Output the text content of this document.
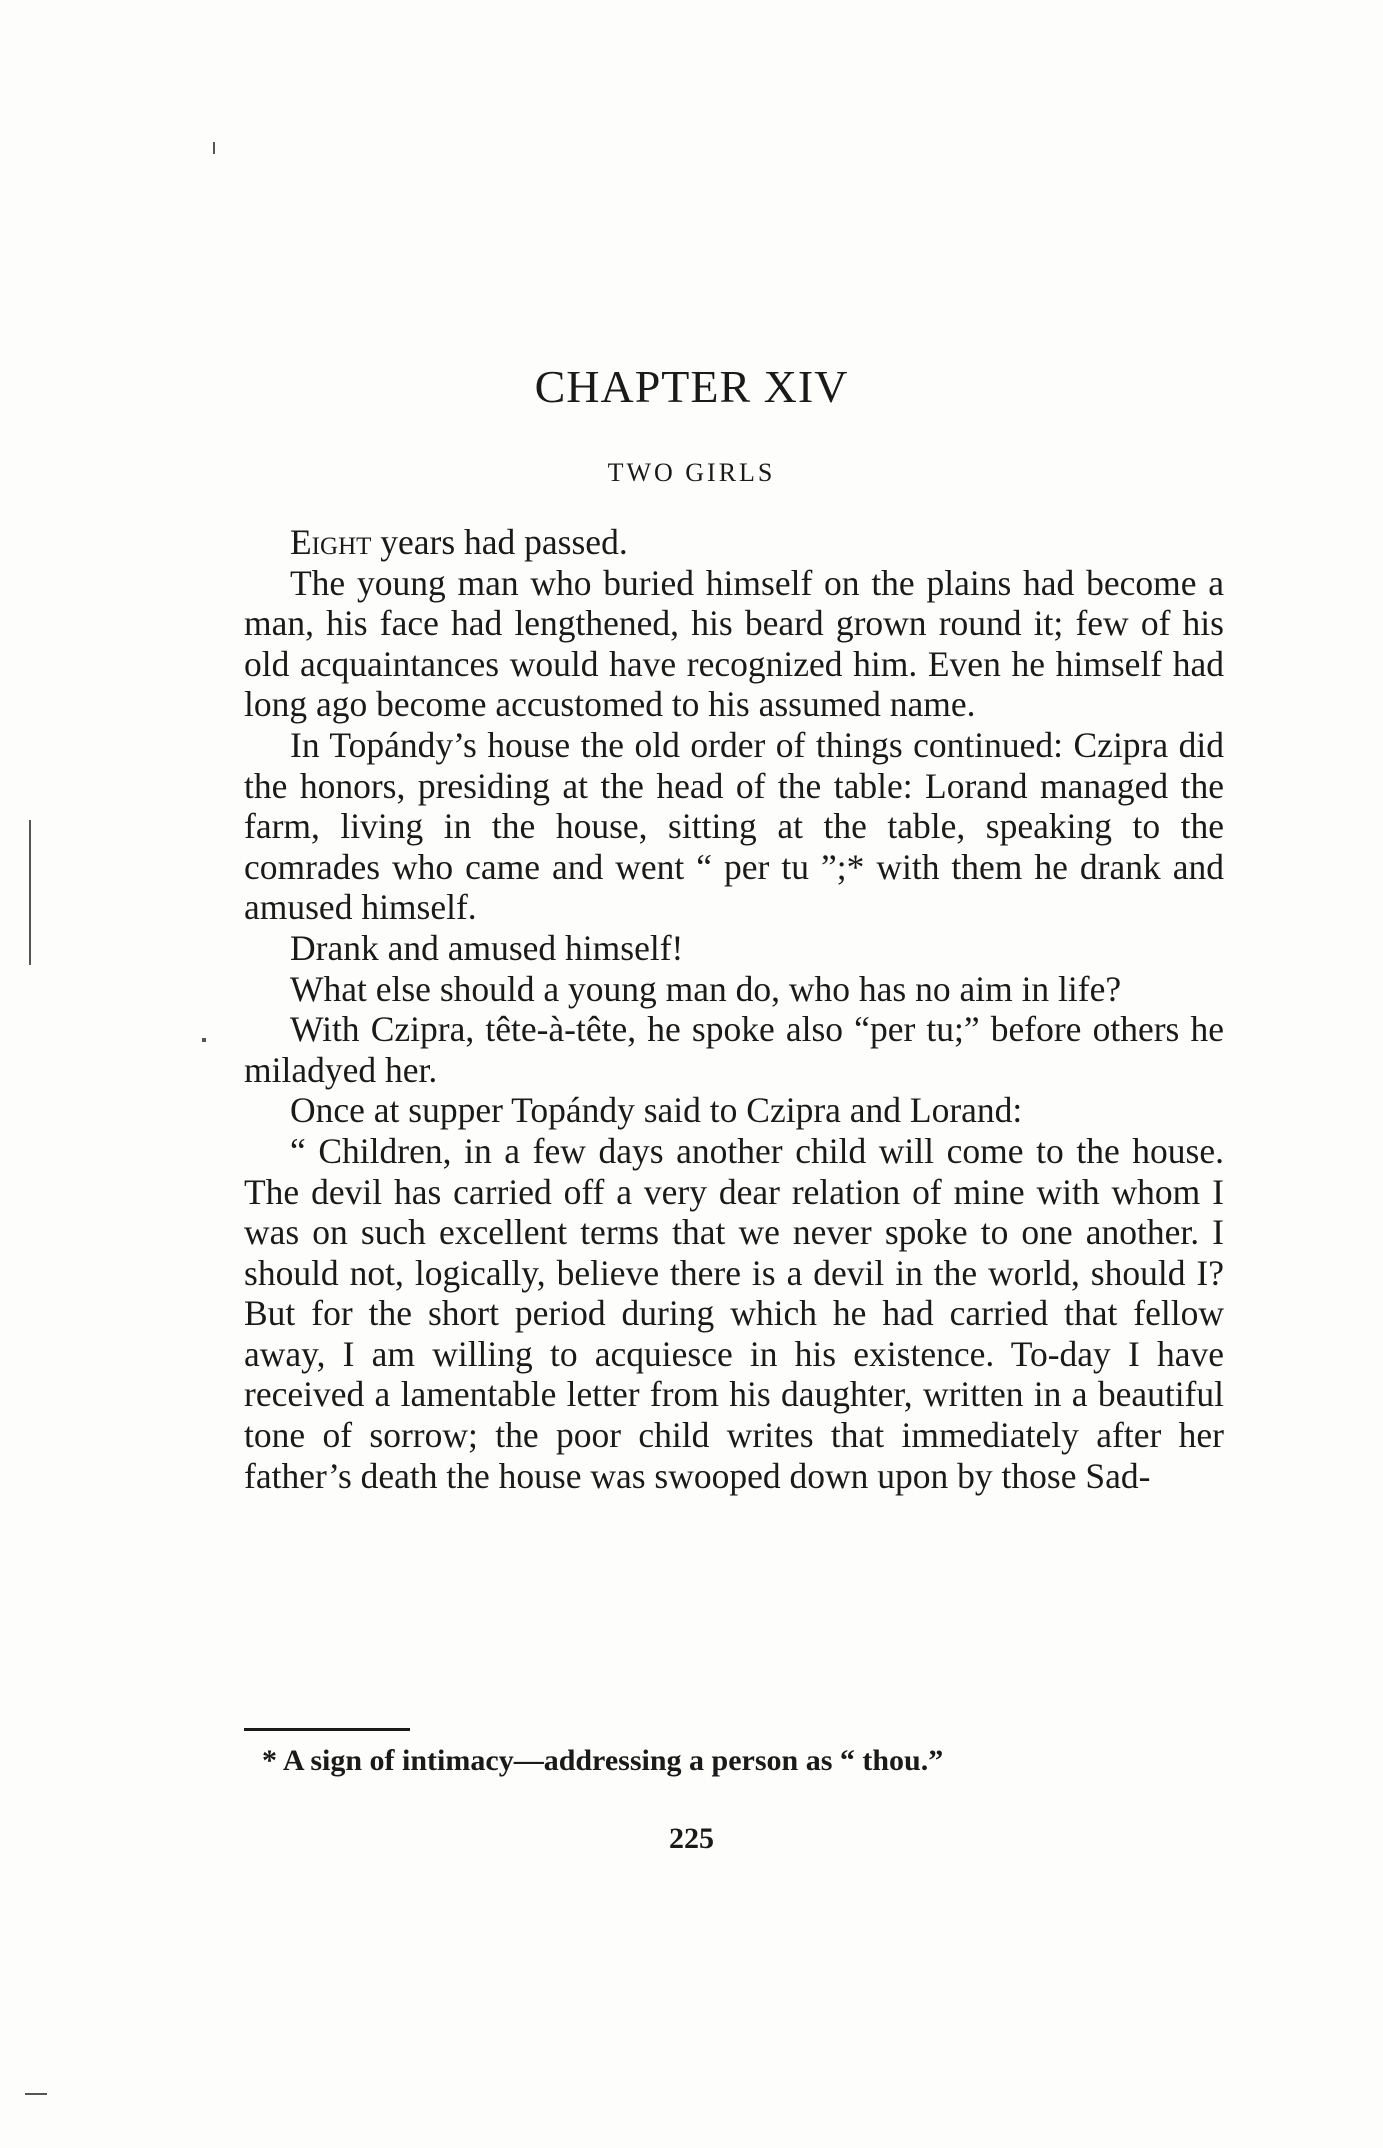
CHAPTER XIV
TWO GIRLS

Eight years had passed.

The young man who buried himself on the plains had become a man, his face had lengthened, his beard grown round it; few of his old acquaintances would have recognized him. Even he himself had long ago become accustomed to his assumed name.

In Topándy’s house the old order of things continued: Czipra did the honors, presiding at the head of the table: Lorand managed the farm, living in the house, sitting at the table, speaking to the comrades who came and went “ per tu ”;* with them he drank and amused himself.

Drank and amused himself!

What else should a young man do, who has no aim in life?

With Czipra, tête-à-tête, he spoke also “per tu;” before others he miladyed her.

Once at supper Topándy said to Czipra and Lorand:

“ Children, in a few days another child will come to the house. The devil has carried off a very dear relation of mine with whom I was on such excellent terms that we never spoke to one another. I should not, logically, believe there is a devil in the world, should I? But for the short period during which he had carried that fellow away, I am willing to acquiesce in his existence. To-day I have received a lamentable letter from his daughter, written in a beautiful tone of sorrow; the poor child writes that immediately after her father’s death the house was swooped down upon by those Sad-

* A sign of intimacy—addressing a person as “ thou.”
225
